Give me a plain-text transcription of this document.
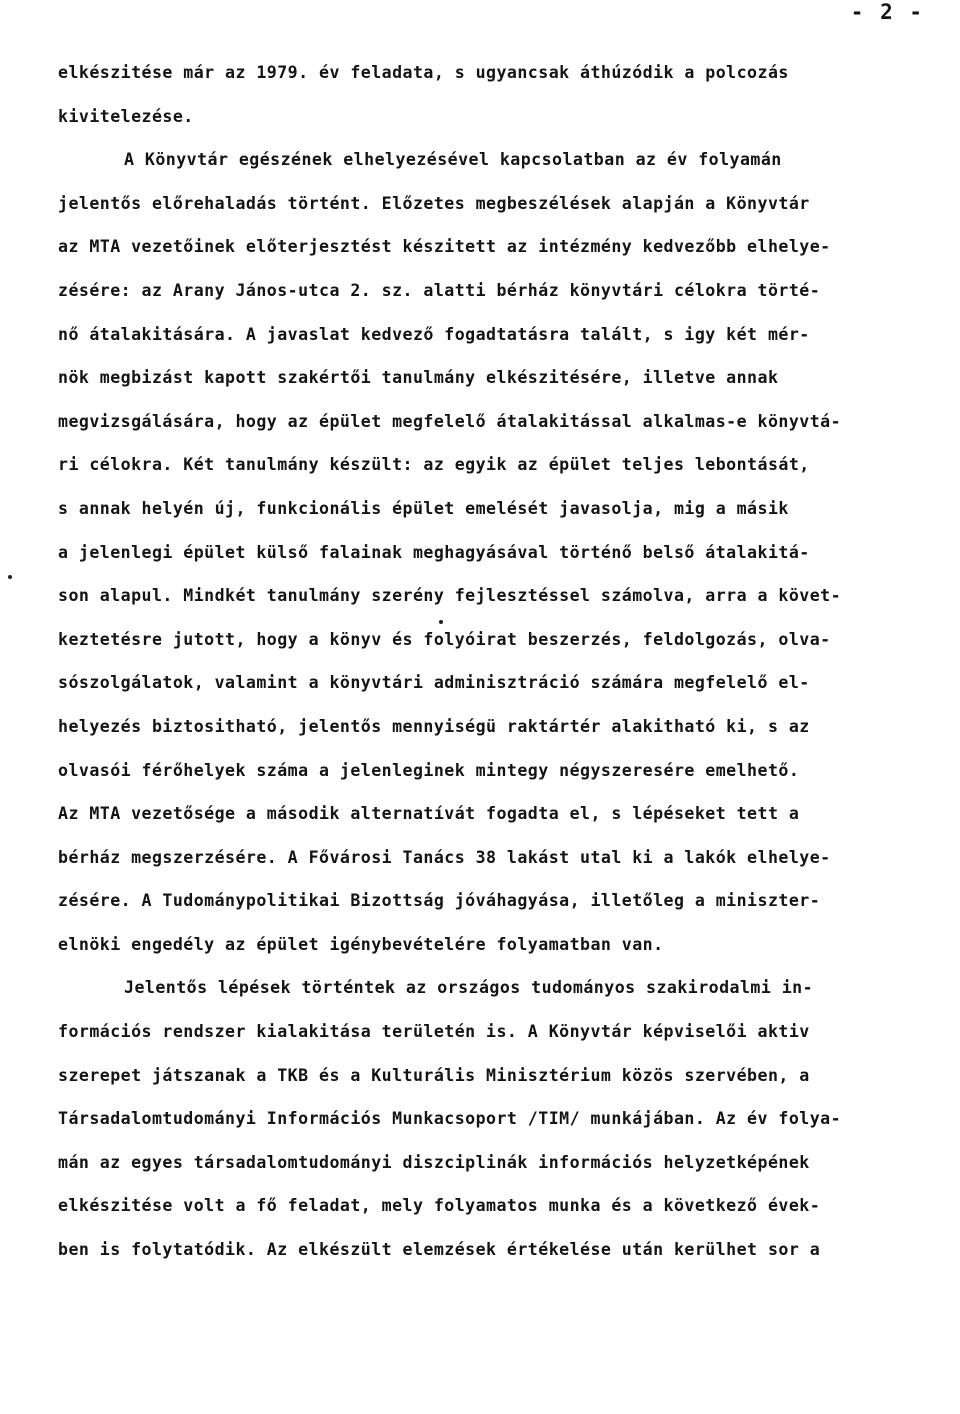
- 2 -
elkészitése már az 1979. év feladata, s ugyancsak áthúzódik a polcozás
kivitelezése.
A Könyvtár egészének elhelyezésével kapcsolatban az év folyamán
jelentős előrehaladás történt. Előzetes megbeszélések alapján a Könyvtár
az MTA vezetőinek előterjesztést készitett az intézmény kedvezőbb elhelye-
zésére: az Arany János-utca 2. sz. alatti bérház könyvtári célokra törté-
nő átalakitására. A javaslat kedvező fogadtatásra talált, s igy két mér-
nök megbizást kapott szakértői tanulmány elkészitésére, illetve annak
megvizsgálására, hogy az épület megfelelő átalakitással alkalmas-e könyvtá-
ri célokra. Két tanulmány készült: az egyik az épület teljes lebontását,
s annak helyén új, funkcionális épület emelését javasolja, mig a másik
a jelenlegi épület külső falainak meghagyásával történő belső átalakitá-
son alapul. Mindkét tanulmány szerény fejlesztéssel számolva, arra a követ-
keztetésre jutott, hogy a könyv és folyóirat beszerzés, feldolgozás, olva-
sószolgálatok, valamint a könyvtári adminisztráció számára megfelelő el-
helyezés biztositható, jelentős mennyiségü raktártér alakitható ki, s az
olvasói férőhelyek száma a jelenleginek mintegy négyszeresére emelhető.
Az MTA vezetősége a második alternatívát fogadta el, s lépéseket tett a
bérház megszerzésére. A Fővárosi Tanács 38 lakást utal ki a lakók elhelye-
zésére. A Tudománypolitikai Bizottság jóváhagyása, illetőleg a miniszter-
elnöki engedély az épület igénybevételére folyamatban van.
Jelentős lépések történtek az országos tudományos szakirodalmi in-
formációs rendszer kialakitása területén is. A Könyvtár képviselői aktiv
szerepet játszanak a TKB és a Kulturális Minisztérium közös szervében, a
Társadalomtudományi Információs Munkacsoport /TIM/ munkájában. Az év folya-
mán az egyes társadalomtudományi diszciplinák információs helyzetképének
elkészitése volt a fő feladat, mely folyamatos munka és a következő évek-
ben is folytatódik. Az elkészült elemzések értékelése után kerülhet sor a
